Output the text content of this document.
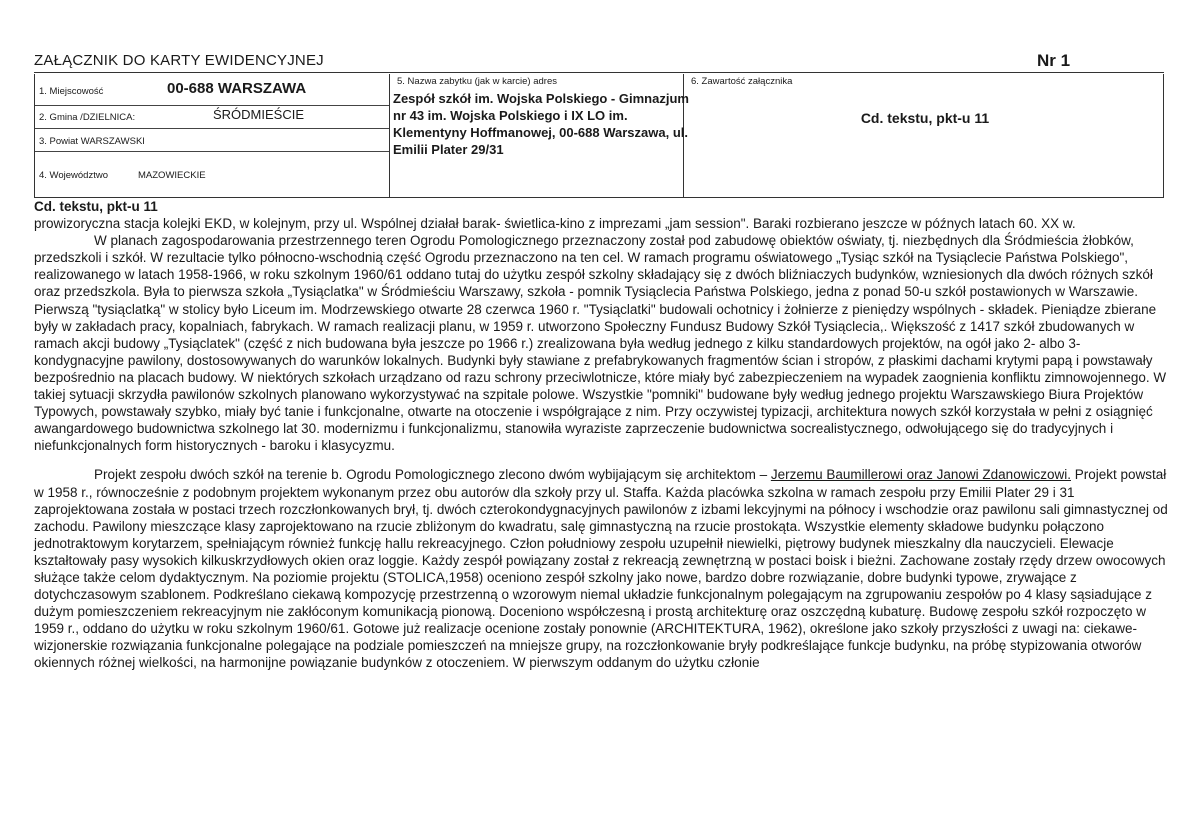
ZAŁĄCZNIK DO KARTY EWIDENCYJNEJ	Nr 1
1. Miejscowość	00-688 WARSZAWA
2. Gmina /DZIELNICA:	ŚRÓDMIEŚCIE
3. Powiat WARSZAWSKI
4. Województwo	MAZOWIECKIE
5. Nazwa zabytku (jak w karcie) adres
Zespół szkół im. Wojska Polskiego - Gimnazjum nr 43 im. Wojska Polskiego i IX LO im. Klementyny Hoffmanowej, 00-688 Warszawa, ul. Emilii Plater 29/31
6. Zawartość załącznika
Cd. tekstu, pkt-u 11

Cd. tekstu, pkt-u 11

prowizoryczna stacja kolejki EKD, w kolejnym, przy ul. Wspólnej działał barak- świetlica-kino z imprezami „jam session". Baraki rozbierano jeszcze w późnych latach 60. XX w.

W planach zagospodarowania przestrzennego teren Ogrodu Pomologicznego przeznaczony został pod zabudowę obiektów oświaty, tj. niezbędnych dla Śródmieścia żłobków, przedszkoli i szkół. W rezultacie tylko północno-wschodnią część Ogrodu przeznaczono na ten cel. W ramach programu oświatowego „Tysiąc szkół na Tysiąclecie Państwa Polskiego", realizowanego w latach 1958-1966, w roku szkolnym 1960/61 oddano tutaj do użytku zespół szkolny składający się z dwóch bliźniaczych budynków, wzniesionych dla dwóch różnych szkół oraz przedszkola. Była to pierwsza szkoła „Tysiąclatka" w Śródmieściu Warszawy, szkoła - pomnik Tysiąclecia Państwa Polskiego, jedna z ponad 50-u szkół postawionych w Warszawie. Pierwszą "tysiąclatką" w stolicy było Liceum im. Modrzewskiego otwarte 28 czerwca 1960 r. "Tysiąclatki" budowali ochotnicy i żołnierze z pieniędzy wspólnych - składek. Pieniądze zbierane były w zakładach pracy, kopalniach, fabrykach. W ramach realizacji planu, w 1959 r. utworzono Społeczny Fundusz Budowy Szkół Tysiąclecia,. Większość z 1417 szkół zbudowanych w ramach akcji budowy „Tysiąclatek" (część z nich budowana była jeszcze po 1966 r.) zrealizowana była według jednego z kilku standardowych projektów, na ogół jako 2- albo 3-kondygnacyjne pawilony, dostosowywanych do warunków lokalnych. Budynki były stawiane z prefabrykowanych fragmentów ścian i stropów, z płaskimi dachami krytymi papą i powstawały bezpośrednio na placach budowy. W niektórych szkołach urządzano od razu schrony przeciwlotnicze, które miały być zabezpieczeniem na wypadek zaognienia konfliktu zimnowojennego. W takiej sytuacji skrzydła pawilonów szkolnych planowano wykorzystywać na szpitale polowe. Wszystkie "pomniki" budowane były według jednego projektu Warszawskiego Biura Projektów Typowych, powstawały szybko, miały być tanie i funkcjonalne, otwarte na otoczenie i współgrające z nim. Przy oczywistej typizacji, architektura nowych szkół korzystała w pełni z osiągnięć awangardowego budownictwa szkolnego lat 30. modernizmu i funkcjonalizmu, stanowiła wyraziste zaprzeczenie budownictwa socrealistycznego, odwołującego się do tradycyjnych i niefunkcjonalnych form historycznych - baroku i klasycyzmu.

Projekt zespołu dwóch szkół na terenie b. Ogrodu Pomologicznego zlecono dwóm wybijającym się architektom – Jerzemu Baumillerowi oraz Janowi Zdanowiczowi. Projekt powstał w 1958 r., równocześnie z podobnym projektem wykonanym przez obu autorów dla szkoły przy ul. Staffa. Każda placówka szkolna w ramach zespołu przy Emilii Plater 29 i 31 zaprojektowana została w postaci trzech rozczłonkowanych brył, tj. dwóch czterokondygnacyjnych pawilonów z izbami lekcyjnymi na północy i wschodzie oraz pawilonu sali gimnastycznej od zachodu. Pawilony mieszczące klasy zaprojektowano na rzucie zbliżonym do kwadratu, salę gimnastyczną na rzucie prostokąta. Wszystkie elementy składowe budynku połączono jednotraktowym korytarzem, spełniającym również funkcję hallu rekreacyjnego. Człon południowy zespołu uzupełnił niewielki, piętrowy budynek mieszkalny dla nauczycieli. Elewacje kształtowały pasy wysokich kilkuskrzydłowych okien oraz loggie. Każdy zespół powiązany został z rekreacją zewnętrzną w postaci boisk i bieżni. Zachowane zostały rzędy drzew owocowych służące także celom dydaktycznym. Na poziomie projektu (STOLICA,1958) oceniono zespół szkolny jako nowe, bardzo dobre rozwiązanie, dobre budynki typowe, zrywające z dotychczasowym szablonem. Podkreślano ciekawą kompozycję przestrzenną o wzorowym niemal układzie funkcjonalnym polegającym na zgrupowaniu zespołów po 4 klasy sąsiadujące z dużym pomieszczeniem rekreacyjnym nie zakłóconym komunikacją pionową. Doceniono współczesną i prostą architekturę oraz oszczędną kubaturę. Budowę zespołu szkół rozpoczęto w 1959 r., oddano do użytku w roku szkolnym 1960/61. Gotowe już realizacje ocenione zostały ponownie (ARCHITEKTURA, 1962), określone jako szkoły przyszłości z uwagi na: ciekawe-wizjonerskie rozwiązania funkcjonalne polegające na podziale pomieszczeń na mniejsze grupy, na rozczłonkowanie bryły podkreślające funkcje budynku, na próbę stypizowania otworów okiennych różnej wielkości, na harmonijne powiązanie budynków z otoczeniem. W pierwszym oddanym do użytku członie
